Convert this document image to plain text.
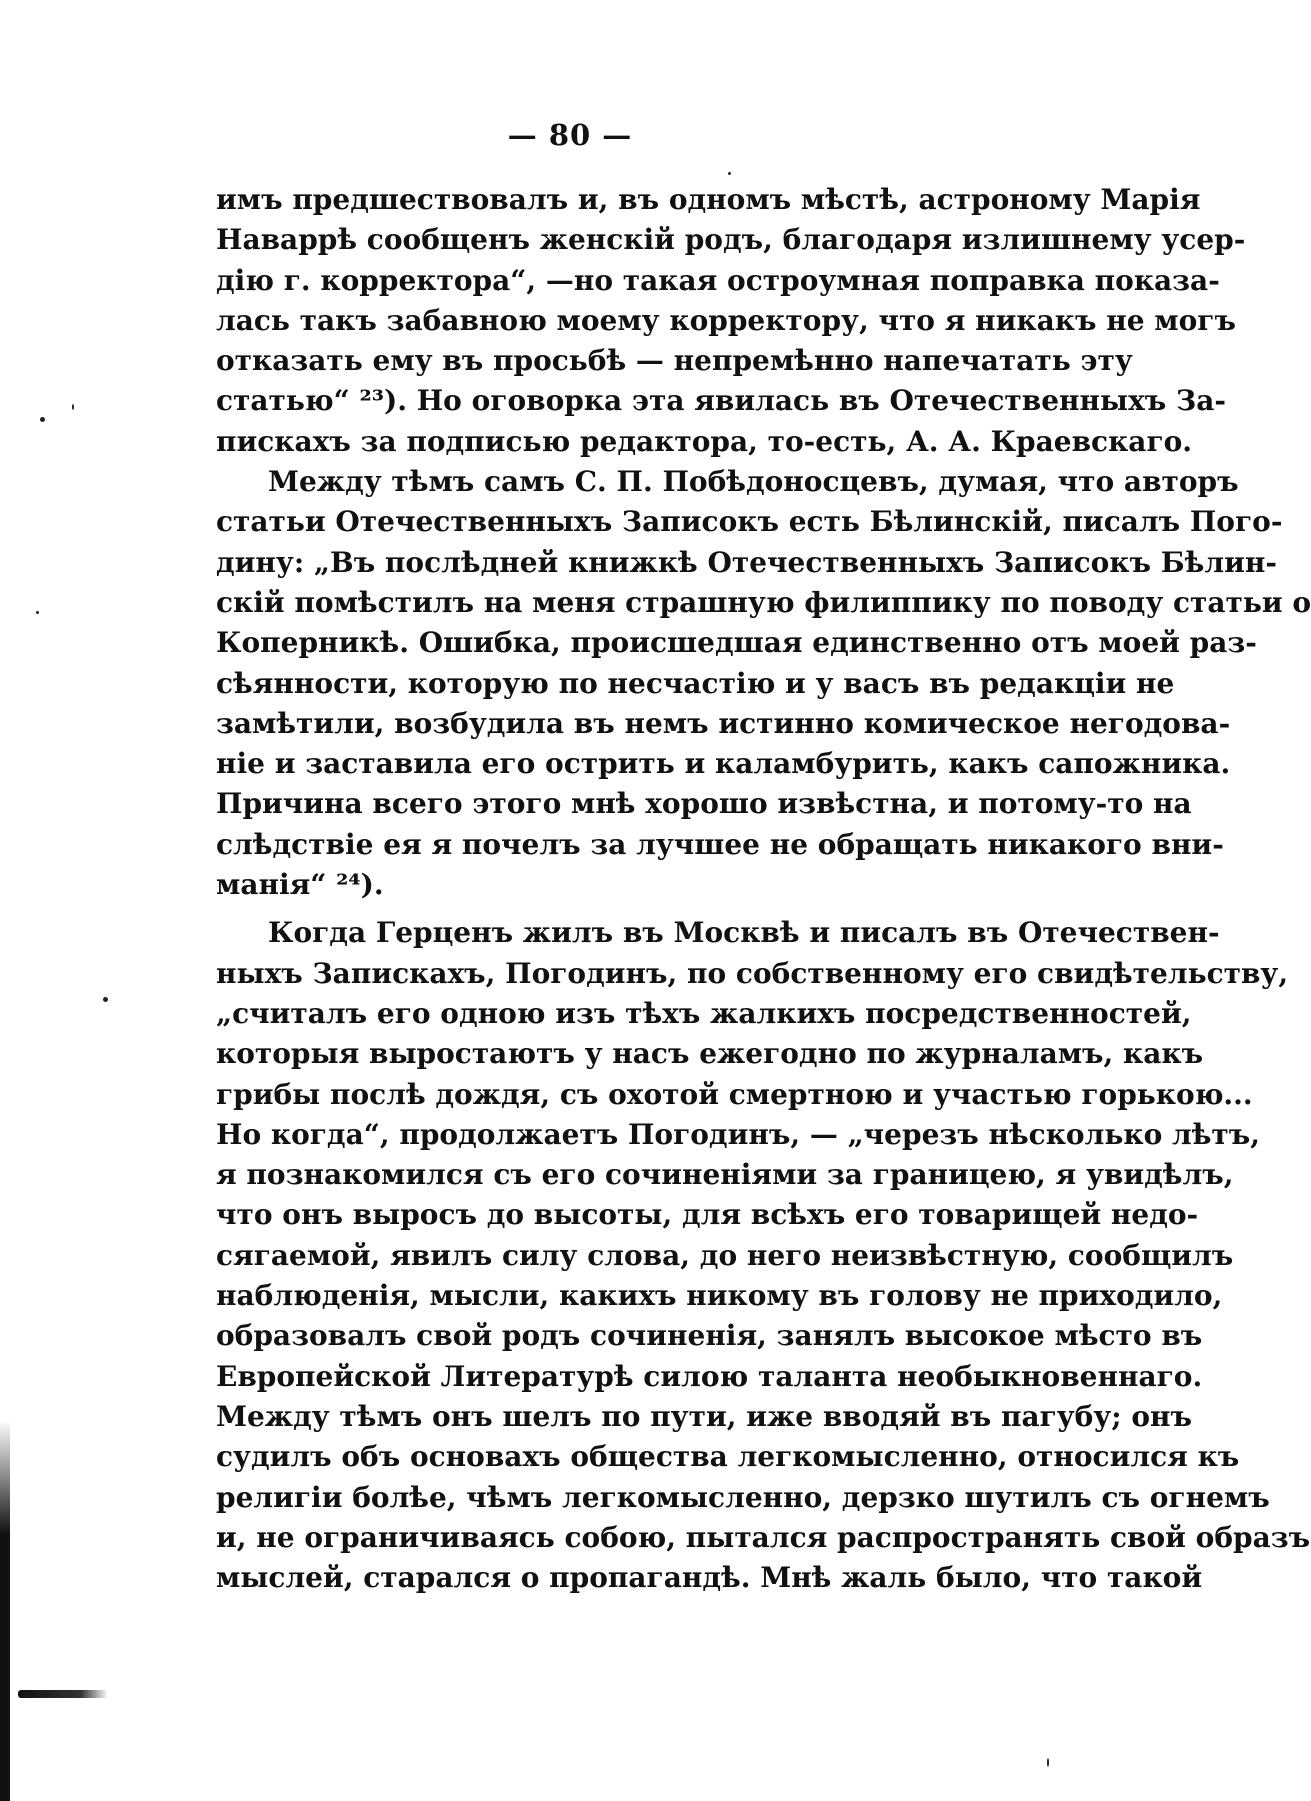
— 80 —
имъ предшествовалъ и, въ одномъ мѣстѣ, астроному Марія
Наваррѣ сообщенъ женскій родъ, благодаря излишнему усер-
дію г. корректора“, —но такая остроумная поправка показа-
лась такъ забавною моему корректору, что я никакъ не могъ
отказать ему въ просьбѣ — непремѣнно напечатать эту
статью“ ²³). Но оговорка эта явилась въ Отечественныхъ За-
пискахъ за подписью редактора, то-есть, А. А. Краевскаго.
Между тѣмъ самъ С. П. Побѣдоносцевъ, думая, что авторъ
статьи Отечественныхъ Записокъ есть Бѣлинскій, писалъ Пого-
дину: „Въ послѣдней книжкѣ Отечественныхъ Записокъ Бѣлин-
скій помѣстилъ на меня страшную филиппику по поводу статьи о
Коперникѣ. Ошибка, происшедшая единственно отъ моей раз-
сѣянности, которую по несчастію и у васъ въ редакціи не
замѣтили, возбудила въ немъ истинно комическое негодова-
ніе и заставила его острить и каламбурить, какъ сапожника.
Причина всего этого мнѣ хорошо извѣстна, и потому-то на
слѣдствіе ея я почелъ за лучшее не обращать никакого вни-
манія“ ²⁴).
Когда Герценъ жилъ въ Москвѣ и писалъ въ Отечествен-
ныхъ Запискахъ, Погодинъ, по собственному его свидѣтельству,
„считалъ его одною изъ тѣхъ жалкихъ посредственностей,
которыя выростаютъ у насъ ежегодно по журналамъ, какъ
грибы послѣ дождя, съ охотой смертною и участью горькою...
Но когда“, продолжаетъ Погодинъ, — „черезъ нѣсколько лѣтъ,
я познакомился съ его сочиненіями за границею, я увидѣлъ,
что онъ выросъ до высоты, для всѣхъ его товарищей недо-
сягаемой, явилъ силу слова, до него неизвѣстную, сообщилъ
наблюденія, мысли, какихъ никому въ голову не приходило,
образовалъ свой родъ сочиненія, занялъ высокое мѣсто въ
Европейской Литературѣ силою таланта необыкновеннаго.
Между тѣмъ онъ шелъ по пути, иже вводяй въ пагубу; онъ
судилъ объ основахъ общества легкомысленно, относился къ
религіи болѣе, чѣмъ легкомысленно, дерзко шутилъ съ огнемъ
и, не ограничиваясь собою, пытался распространять свой образъ
мыслей, старался о пропагандѣ. Мнѣ жаль было, что такой
